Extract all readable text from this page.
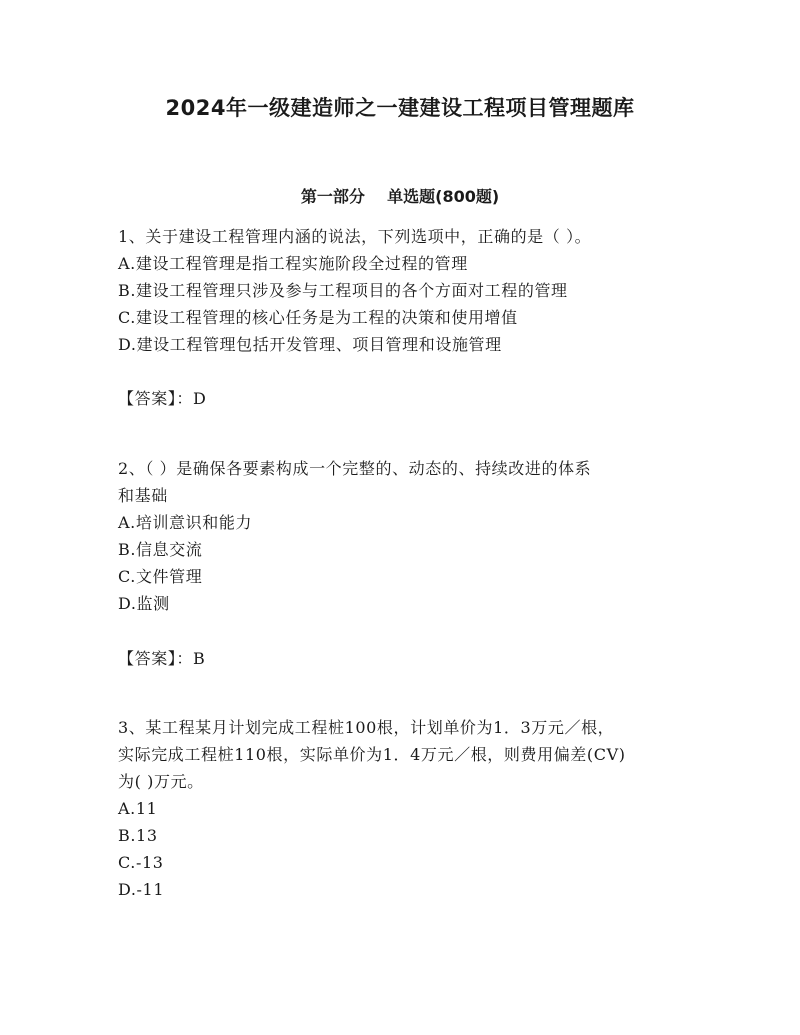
2024年一级建造师之一建建设工程项目管理题库
第一部分    单选题(800题)
1、关于建设工程管理内涵的说法，下列选项中，正确的是（ ）。
A.建设工程管理是指工程实施阶段全过程的管理
B.建设工程管理只涉及参与工程项目的各个方面对工程的管理
C.建设工程管理的核心任务是为工程的决策和使用增值
D.建设工程管理包括开发管理、项目管理和设施管理
【答案】：D
2、（ ）是确保各要素构成一个完整的、动态的、持续改进的体系
和基础
A.培训意识和能力
B.信息交流
C.文件管理
D.监测
【答案】：B
3、某工程某月计划完成工程桩100根，计划单价为1．3万元／根，
实际完成工程桩110根，实际单价为1．4万元／根，则费用偏差(CV)
为( )万元。
A.11
B.13
C.-13
D.-11
